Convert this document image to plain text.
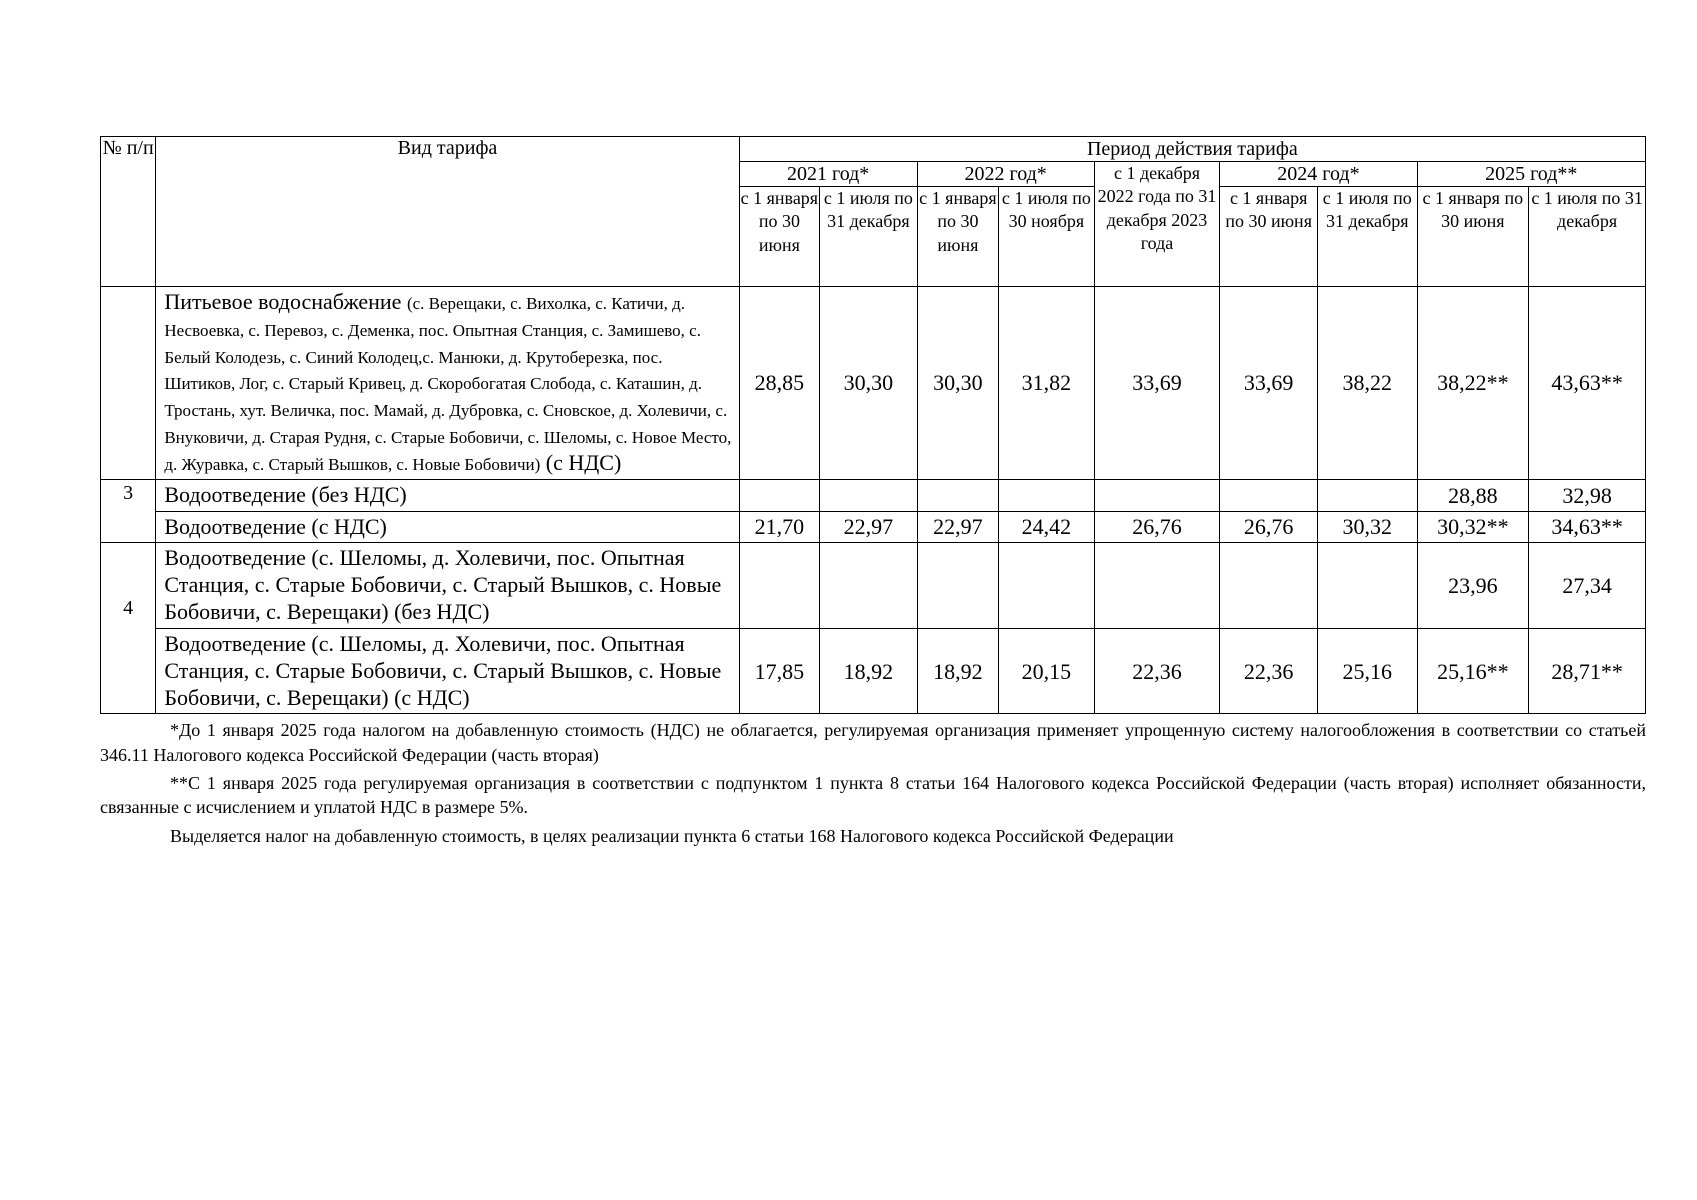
№ п/п	Вид тарифа	Период действия тарифа								
		2021 год*		2022 год*		с 1 декабря 2022 года по 31 декабря 2023 года	2024 год*		2025 год**	
		с 1 января по 30 июня	с 1 июля по 31 декабря	с 1 января по 30 июня	с 1 июля по 30 ноября		с 1 января по 30 июня	с 1 июля по 31 декабря	с 1 января по 30 июня	с 1 июля по 31 декабря
	Питьевое водоснабжение (с. Верещаки, с. Вихолка, с. Катичи, д. Несвоевка, с. Перевоз, с. Деменка, пос. Опытная Станция, с. Замишево, с. Белый Колодезь, с. Синий Колодец,с. Манюки, д. Крутоберезка, пос. Шитиков, Лог, с. Старый Кривец, д. Скоробогатая Слобода, с. Каташин, д. Тростань, хут. Величка, пос. Мамай, д. Дубровка, с. Сновское, д. Холевичи, с. Внуковичи, д. Старая Рудня, с. Старые Бобовичи, с. Шеломы, с. Новое Место, д. Журавка, с. Старый Вышков, с. Новые Бобовичи) (с НДС)	28,85	30,30	30,30	31,82	33,69	33,69	38,22	38,22**	43,63**
3	Водоотведение (без НДС)								28,88	32,98
	Водоотведение (с НДС)	21,70	22,97	22,97	24,42	26,76	26,76	30,32	30,32**	34,63**
4	Водоотведение (с. Шеломы, д. Холевичи, пос. Опытная Станция, с. Старые Бобовичи, с. Старый Вышков, с. Новые Бобовичи, с. Верещаки) (без НДС)								23,96	27,34
	Водоотведение (с. Шеломы, д. Холевичи, пос. Опытная Станция, с. Старые Бобовичи, с. Старый Вышков, с. Новые Бобовичи, с. Верещаки) (с НДС)	17,85	18,92	18,92	20,15	22,36	22,36	25,16	25,16**	28,71**

*До 1 января 2025 года налогом на добавленную стоимость (НДС) не облагается, регулируемая организация применяет упрощенную систему налогообложения в соответствии со статьей 346.11 Налогового кодекса Российской Федерации (часть вторая)

**С 1 января 2025 года регулируемая организация в соответствии с подпунктом 1 пункта 8 статьи 164 Налогового кодекса Российской Федерации (часть вторая) исполняет обязанности, связанные с исчислением и уплатой НДС в размере 5%.

Выделяется налог на добавленную стоимость, в целях реализации пункта 6 статьи 168 Налогового кодекса Российской Федерации
